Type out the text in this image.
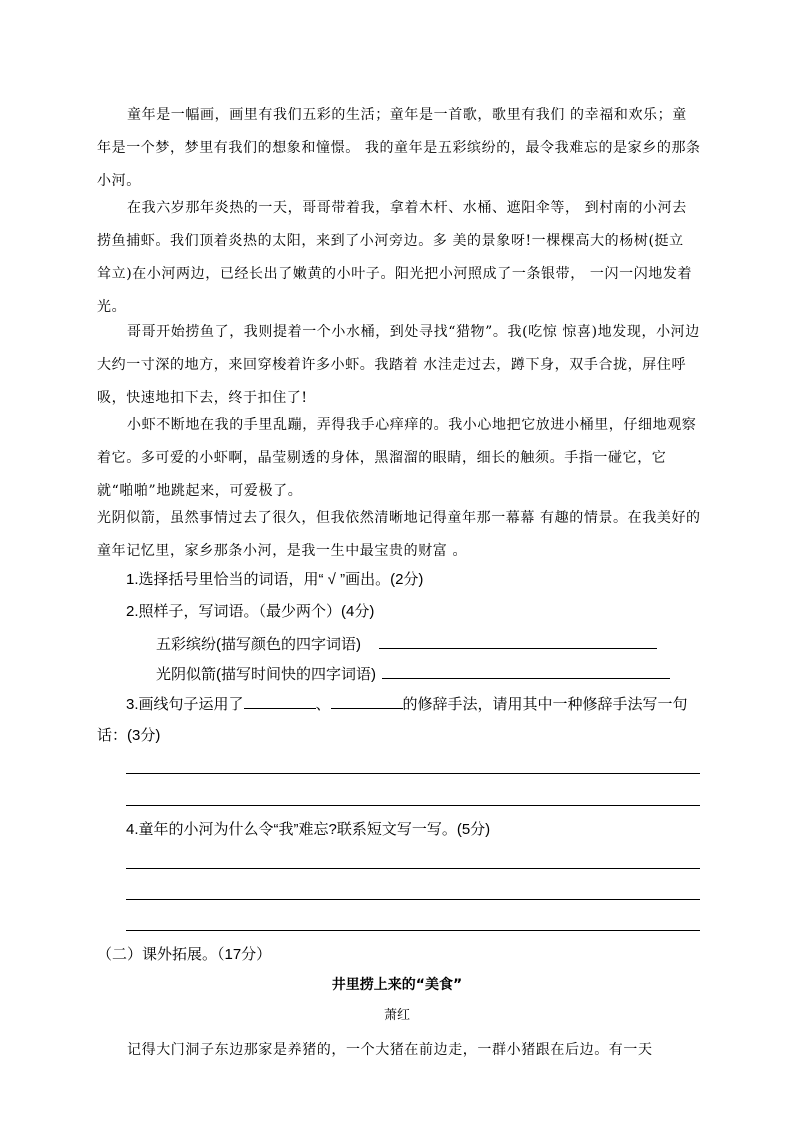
童年是一幅画，画里有我们五彩的生活；童年是一首歌，歌里有我们 的幸福和欢乐；童年是一个梦，梦里有我们的想象和憧憬。 我的童年是五彩缤纷的，最令我难忘的是家乡的那条小河。

在我六岁那年炎热的一天，哥哥带着我，拿着木杆、水桶、遮阳伞等， 到村南的小河去捞鱼捕虾。我们顶着炎热的太阳，来到了小河旁边。多 美的景象呀!一棵棵高大的杨树(挺立 耸立)在小河两边，已经长出了嫩黄的小叶子。阳光把小河照成了一条银带， 一闪一闪地发着光。

哥哥开始捞鱼了，我则提着一个小水桶，到处寻找“猎物”。我(吃惊 惊喜)地发现，小河边大约一寸深的地方，来回穿梭着许多小虾。我踏着 水洼走过去，蹲下身，双手合拢，屏住呼吸，快速地扣下去，终于扣住了!

小虾不断地在我的手里乱蹦，弄得我手心痒痒的。我小心地把它放进小桶里，仔细地观察着它。多可爱的小虾啊，晶莹剔透的身体，黑溜溜的眼睛，细长的触须。手指一碰它，它就“啪啪”地跳起来，可爱极了。

光阴似箭，虽然事情过去了很久，但我依然清晰地记得童年那一幕幕 有趣的情景。在我美好的童年记忆里，家乡那条小河，是我一生中最宝贵的财富 。

1.选择括号里恰当的词语，用“ √ ”画出。(2分)

2.照样子，写词语。（最少两个）(4分)

五彩缤纷(描写颜色的四字词语)
光阴似箭(描写时间快的四字词语)

3.画线句子运用了	、	的修辞手法，请用其中一种修辞手法写一句话：(3分)

4.童年的小河为什么令“我”难忘?联系短文写一写。(5分)

（二）课外拓展。（17分）
井里捞上来的“美食”
萧红

记得大门洞子东边那家是养猪的，一个大猪在前边走，一群小猪跟在后边。有一天
